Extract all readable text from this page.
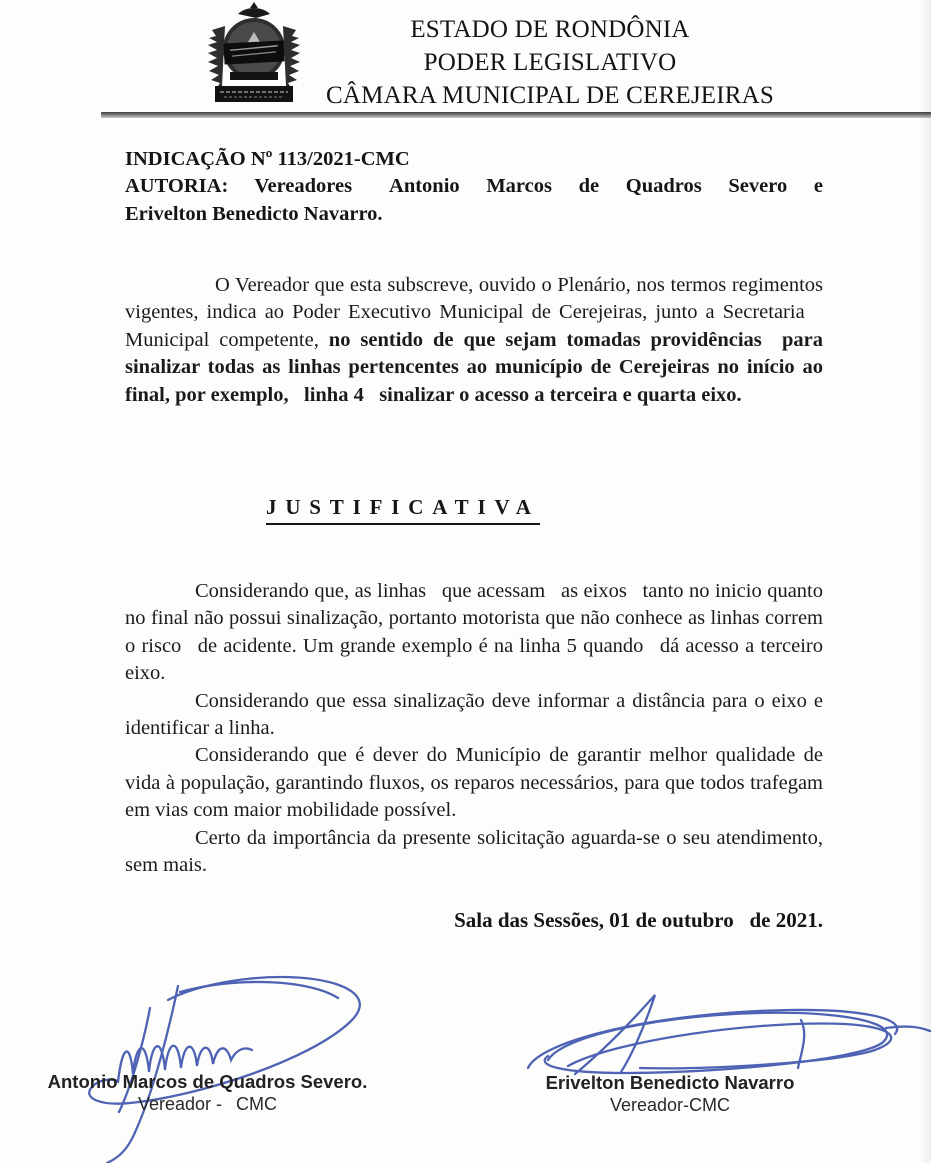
ESTADO DE RONDÔNIA
PODER LEGISLATIVO
CÂMARA MUNICIPAL DE CEREJEIRAS
INDICAÇÃO Nº 113/2021-CMC
AUTORIA: Vereadores  Antonio Marcos de Quadros Severo e
Erivelton Benedicto Navarro.

O Vereador que esta subscreve, ouvido o Plenário, nos termos regimentos vigentes, indica ao Poder Executivo Municipal de Cerejeiras, junto a Secretaria  Municipal competente, no sentido de que sejam tomadas providências  para sinalizar todas as linhas pertencentes ao município de Cerejeiras no início ao final, por exemplo,  linha 4  sinalizar o acesso a terceira e quarta eixo.

JUSTIFICATIVA

Considerando que, as linhas  que acessam  as eixos  tanto no inicio quanto no final não possui sinalização, portanto motorista que não conhece as linhas correm o risco  de acidente. Um grande exemplo é na linha 5 quando  dá acesso a terceiro eixo.

Considerando que essa sinalização deve informar a distância para o eixo e identificar a linha.

Considerando que é dever do Município de garantir melhor qualidade de vida à população, garantindo fluxos, os reparos necessários, para que todos trafegam em vias com maior mobilidade possível.

Certo da importância da presente solicitação aguarda-se o seu atendimento, sem mais.

Sala das Sessões, 01 de outubro  de 2021.
Antonio Marcos de Quadros Severo.
Vereador -  CMC
Erivelton Benedicto Navarro
Vereador-CMC
